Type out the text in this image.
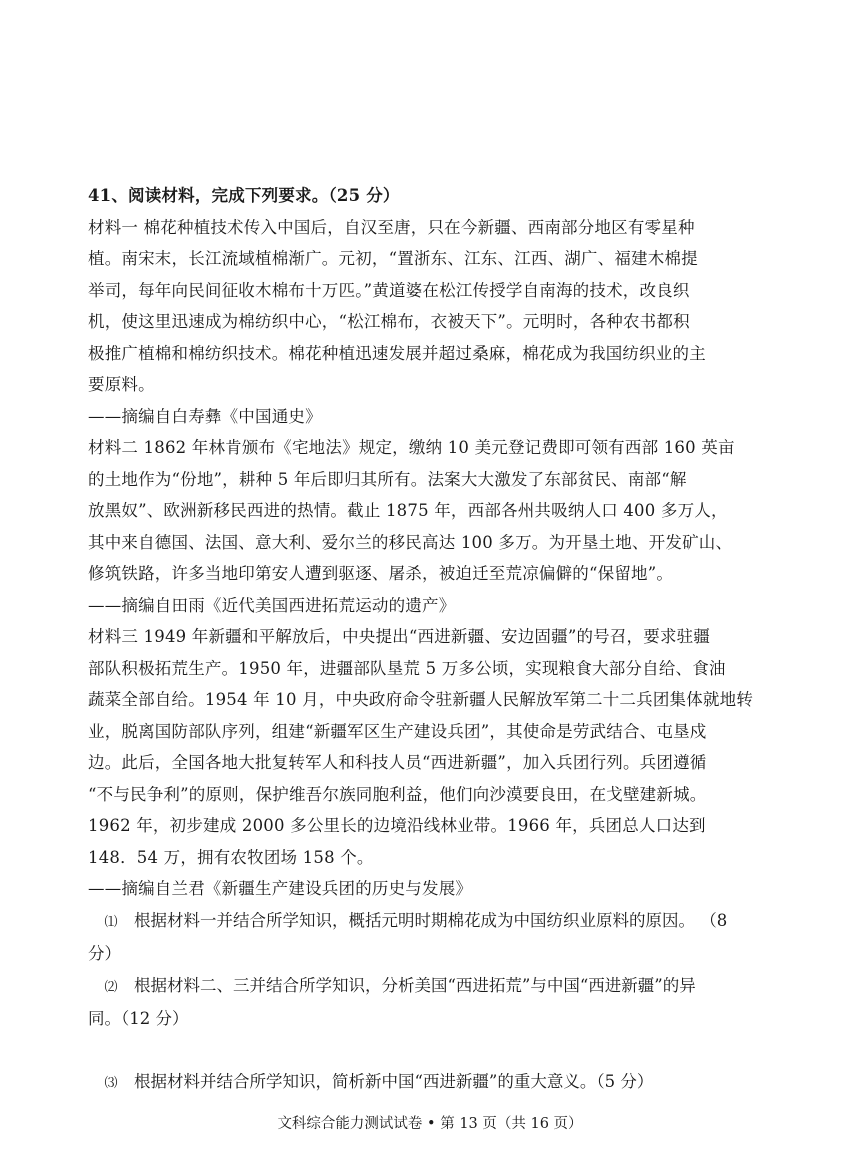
41、阅读材料，完成下列要求。（25 分）
材料一 棉花种植技术传入中国后，自汉至唐，只在今新疆、西南部分地区有零星种
植。南宋末，长江流域植棉渐广。元初，“置浙东、江东、江西、湖广、福建木棉提
举司，每年向民间征收木棉布十万匹。”黄道婆在松江传授学自南海的技术，改良织
机，使这里迅速成为棉纺织中心，“松江棉布，衣被天下”。元明时，各种农书都积
极推广植棉和棉纺织技术。棉花种植迅速发展并超过桑麻，棉花成为我国纺织业的主
要原料。
——摘编自白寿彝《中国通史》
材料二 1862 年林肯颁布《宅地法》规定，缴纳 10 美元登记费即可领有西部 160 英亩
的土地作为“份地”，耕种 5 年后即归其所有。法案大大激发了东部贫民、南部“解
放黑奴”、欧洲新移民西进的热情。截止 1875 年，西部各州共吸纳人口 400 多万人，
其中来自德国、法国、意大利、爱尔兰的移民高达 100 多万。为开垦土地、开发矿山、
修筑铁路，许多当地印第安人遭到驱逐、屠杀，被迫迁至荒凉偏僻的“保留地”。
——摘编自田雨《近代美国西进拓荒运动的遗产》
材料三 1949 年新疆和平解放后，中央提出“西进新疆、安边固疆”的号召，要求驻疆
部队积极拓荒生产。1950 年，进疆部队垦荒 5 万多公顷，实现粮食大部分自给、食油
蔬菜全部自给。1954 年 10 月，中央政府命令驻新疆人民解放军第二十二兵团集体就地转
业，脱离国防部队序列，组建“新疆军区生产建设兵团”，其使命是劳武结合、屯垦戍
边。此后，全国各地大批复转军人和科技人员“西进新疆”，加入兵团行列。兵团遵循
“不与民争利”的原则，保护维吾尔族同胞利益，他们向沙漠要良田，在戈壁建新城。
1962 年，初步建成 2000 多公里长的边境沿线林业带。1966 年，兵团总人口达到
148．54 万，拥有农牧团场 158 个。
——摘编自兰君《新疆生产建设兵团的历史与发展》
⑴ 根据材料一并结合所学知识，概括元明时期棉花成为中国纺织业原料的原因。 （8
分）
⑵ 根据材料二、三并结合所学知识，分析美国“西进拓荒”与中国“西进新疆”的异
同。（12 分）
⑶ 根据材料并结合所学知识，简析新中国“西进新疆”的重大意义。（5 分）
文科综合能力测试试卷 • 第 13 页（共 16 页）
